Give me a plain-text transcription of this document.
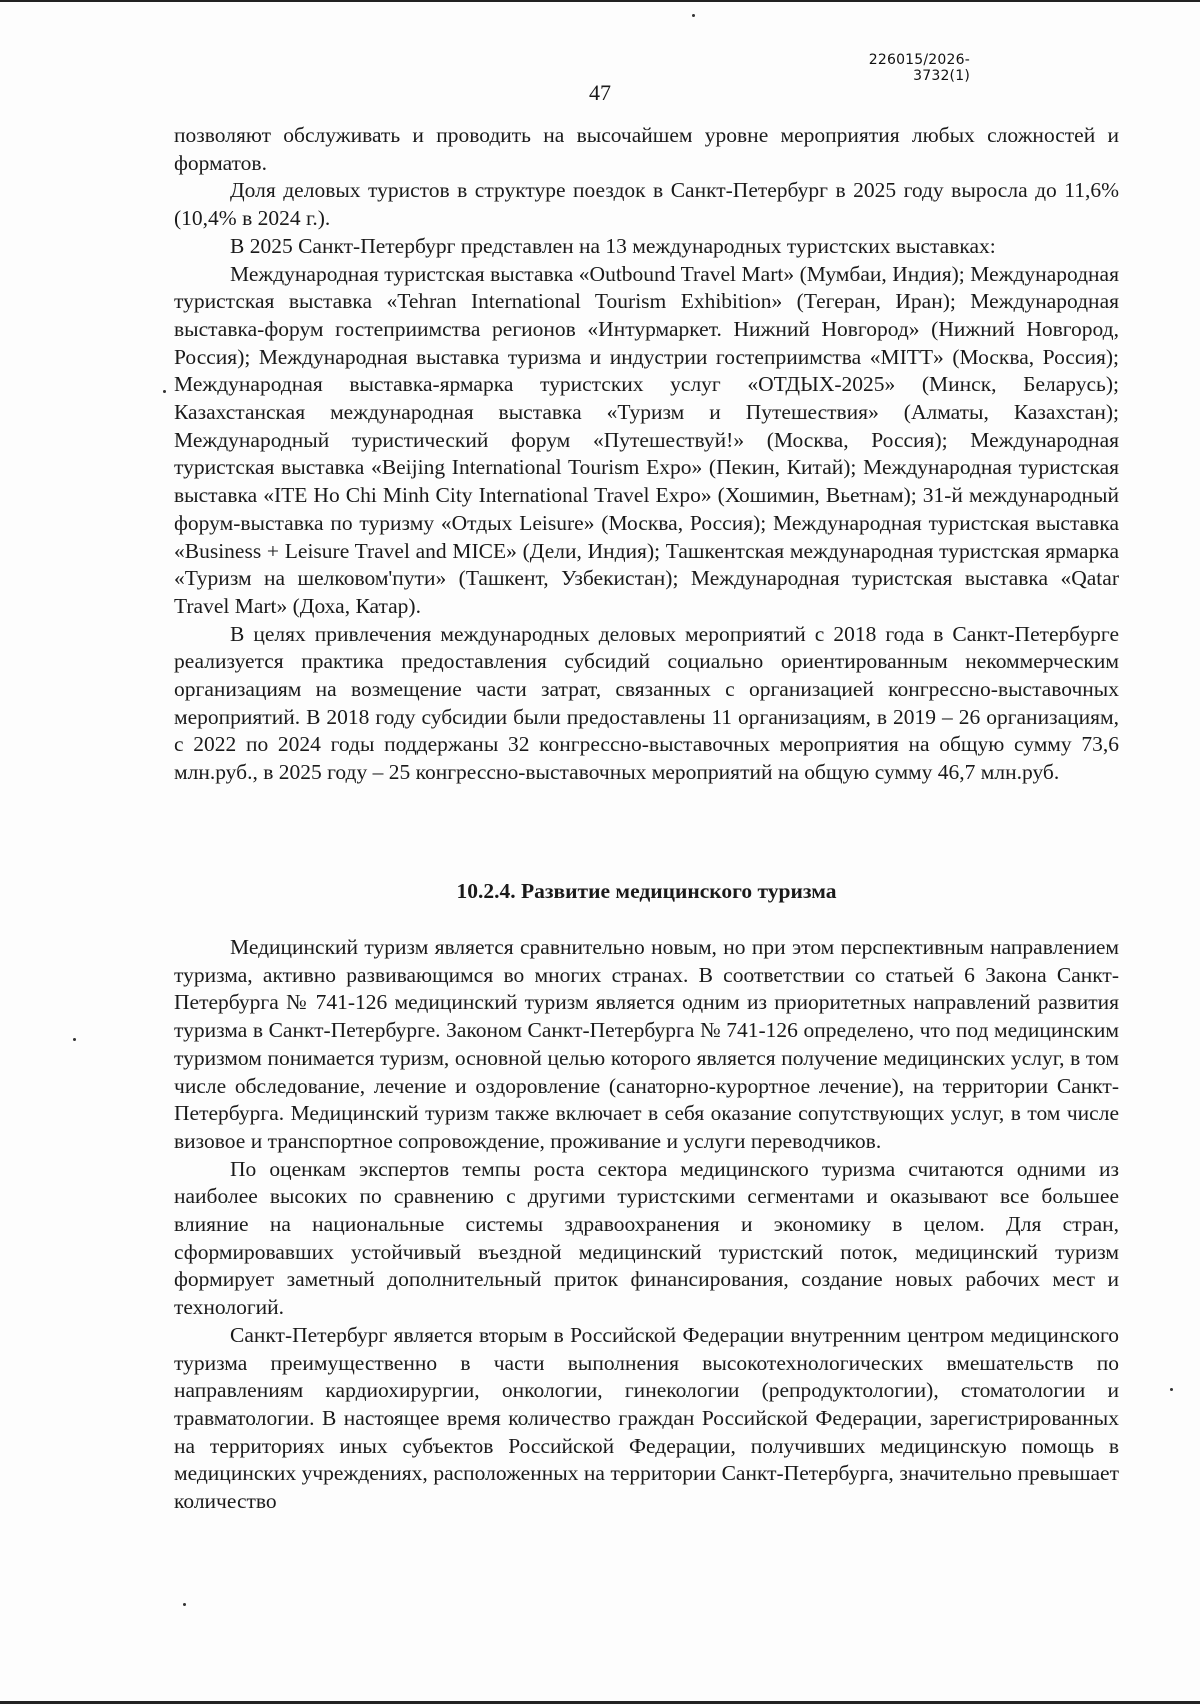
226015/2026-3732(1)
47

позволяют обслуживать и проводить на высочайшем уровне мероприятия любых сложностей и форматов.

Доля деловых туристов в структуре поездок в Санкт-Петербург в 2025 году выросла до 11,6% (10,4% в 2024 г.).

В 2025 Санкт-Петербург представлен на 13 международных туристских выставках:

Международная туристская выставка «Outbound Travel Mart» (Мумбаи, Индия); Международная туристская выставка «Tehran International Tourism Exhibition» (Тегеран, Иран); Международная выставка-форум гостеприимства регионов «Интурмаркет. Нижний Новгород» (Нижний Новгород, Россия); Международная выставка туризма и индустрии гостеприимства «MITT» (Москва, Россия); Международная выставка-ярмарка туристских услуг «ОТДЫХ-2025» (Минск, Беларусь); Казахстанская международная выставка «Туризм и Путешествия» (Алматы, Казахстан); Международный туристический форум «Путешествуй!» (Москва, Россия); Международная туристская выставка «Beijing International Tourism Expo» (Пекин, Китай); Международная туристская выставка «ITE Ho Chi Minh City International Travel Expo» (Хошимин, Вьетнам); 31-й международный форум-выставка по туризму «Отдых Leisure» (Москва, Россия); Международная туристская выставка «Business + Leisure Travel and MICE» (Дели, Индия); Ташкентская международная туристская ярмарка «Туризм на шелковом'пути» (Ташкент, Узбекистан); Международная туристская выставка «Qatar Travel Mart» (Доха, Катар).

В целях привлечения международных деловых мероприятий с 2018 года в Санкт-Петербурге реализуется практика предоставления субсидий социально ориентированным некоммерческим организациям на возмещение части затрат, связанных с организацией конгрессно-выставочных мероприятий. В 2018 году субсидии были предоставлены 11 организациям, в 2019 – 26 организациям, с 2022 по 2024 годы поддержаны 32 конгрессно-выставочных мероприятия на общую сумму 73,6 млн.руб., в 2025 году – 25 конгрессно-выставочных мероприятий на общую сумму 46,7 млн.руб.

10.2.4. Развитие медицинского туризма

Медицинский туризм является сравнительно новым, но при этом перспективным направлением туризма, активно развивающимся во многих странах. В соответствии со статьей 6 Закона Санкт-Петербурга № 741-126 медицинский туризм является одним из приоритетных направлений развития туризма в Санкт-Петербурге. Законом Санкт-Петербурга № 741-126 определено, что под медицинским туризмом понимается туризм, основной целью которого является получение медицинских услуг, в том числе обследование, лечение и оздоровление (санаторно-курортное лечение), на территории Санкт-Петербурга. Медицинский туризм также включает в себя оказание сопутствующих услуг, в том числе визовое и транспортное сопровождение, проживание и услуги переводчиков.

По оценкам экспертов темпы роста сектора медицинского туризма считаются одними из наиболее высоких по сравнению с другими туристскими сегментами и оказывают все большее влияние на национальные системы здравоохранения и экономику в целом. Для стран, сформировавших устойчивый въездной медицинский туристский поток, медицинский туризм формирует заметный дополнительный приток финансирования, создание новых рабочих мест и технологий.

Санкт-Петербург является вторым в Российской Федерации внутренним центром медицинского туризма преимущественно в части выполнения высокотехнологических вмешательств по направлениям кардиохирургии, онкологии, гинекологии (репродуктологии), стоматологии и травматологии. В настоящее время количество граждан Российской Федерации, зарегистрированных на территориях иных субъектов Российской Федерации, получивших медицинскую помощь в медицинских учреждениях, расположенных на территории Санкт-Петербурга, значительно превышает количество
